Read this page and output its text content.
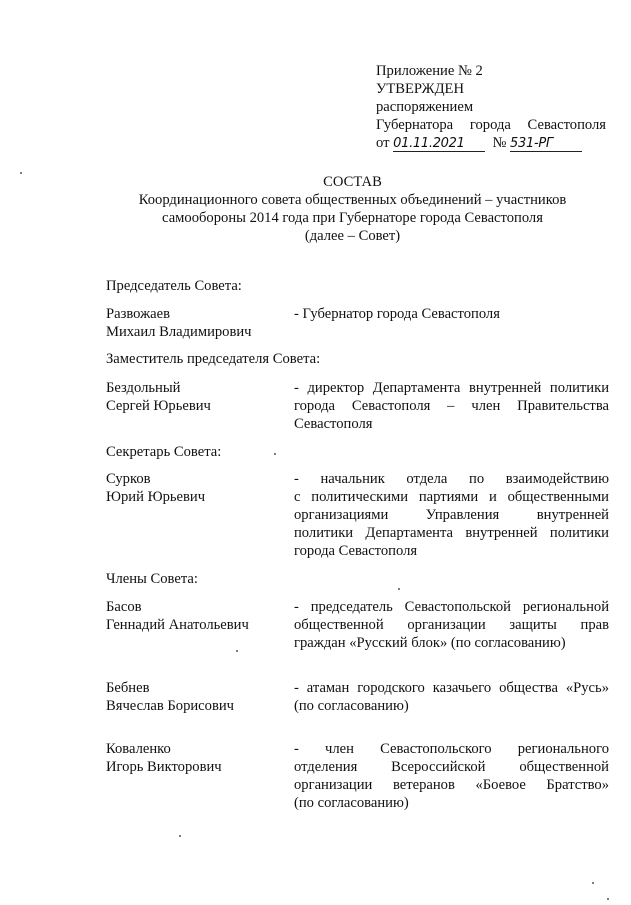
Приложение № 2
УТВЕРЖДЕН
распоряжением
Губернатора города Севастополя
от 01.11.2021 № 531-РГ
СОСТАВ
Координационного совета общественных объединений – участников
самообороны 2014 года при Губернаторе города Севастополя
(далее – Совет)
Председатель Совета:
Развожаев
Михаил Владимирович
- Губернатор города Севастополя
Заместитель председателя Совета:
Бездольный
Сергей Юрьевич
- директор Департамента внутренней политики
города Севастополя – член Правительства
Севастополя
Секретарь Совета:
Сурков
Юрий Юрьевич
- начальник отдела по взаимодействию
с политическими партиями и общественными
организациями Управления внутренней
политики Департамента внутренней политики
города Севастополя
Члены Совета:
Басов
Геннадий Анатольевич
- председатель Севастопольской региональной
общественной организации защиты прав
граждан «Русский блок» (по согласованию)
Бебнев
Вячеслав Борисович
- атаман городского казачьего общества «Русь»
(по согласованию)
Коваленко
Игорь Викторович
- член Севастопольского регионального
отделения Всероссийской общественной
организации ветеранов «Боевое Братство»
(по согласованию)
